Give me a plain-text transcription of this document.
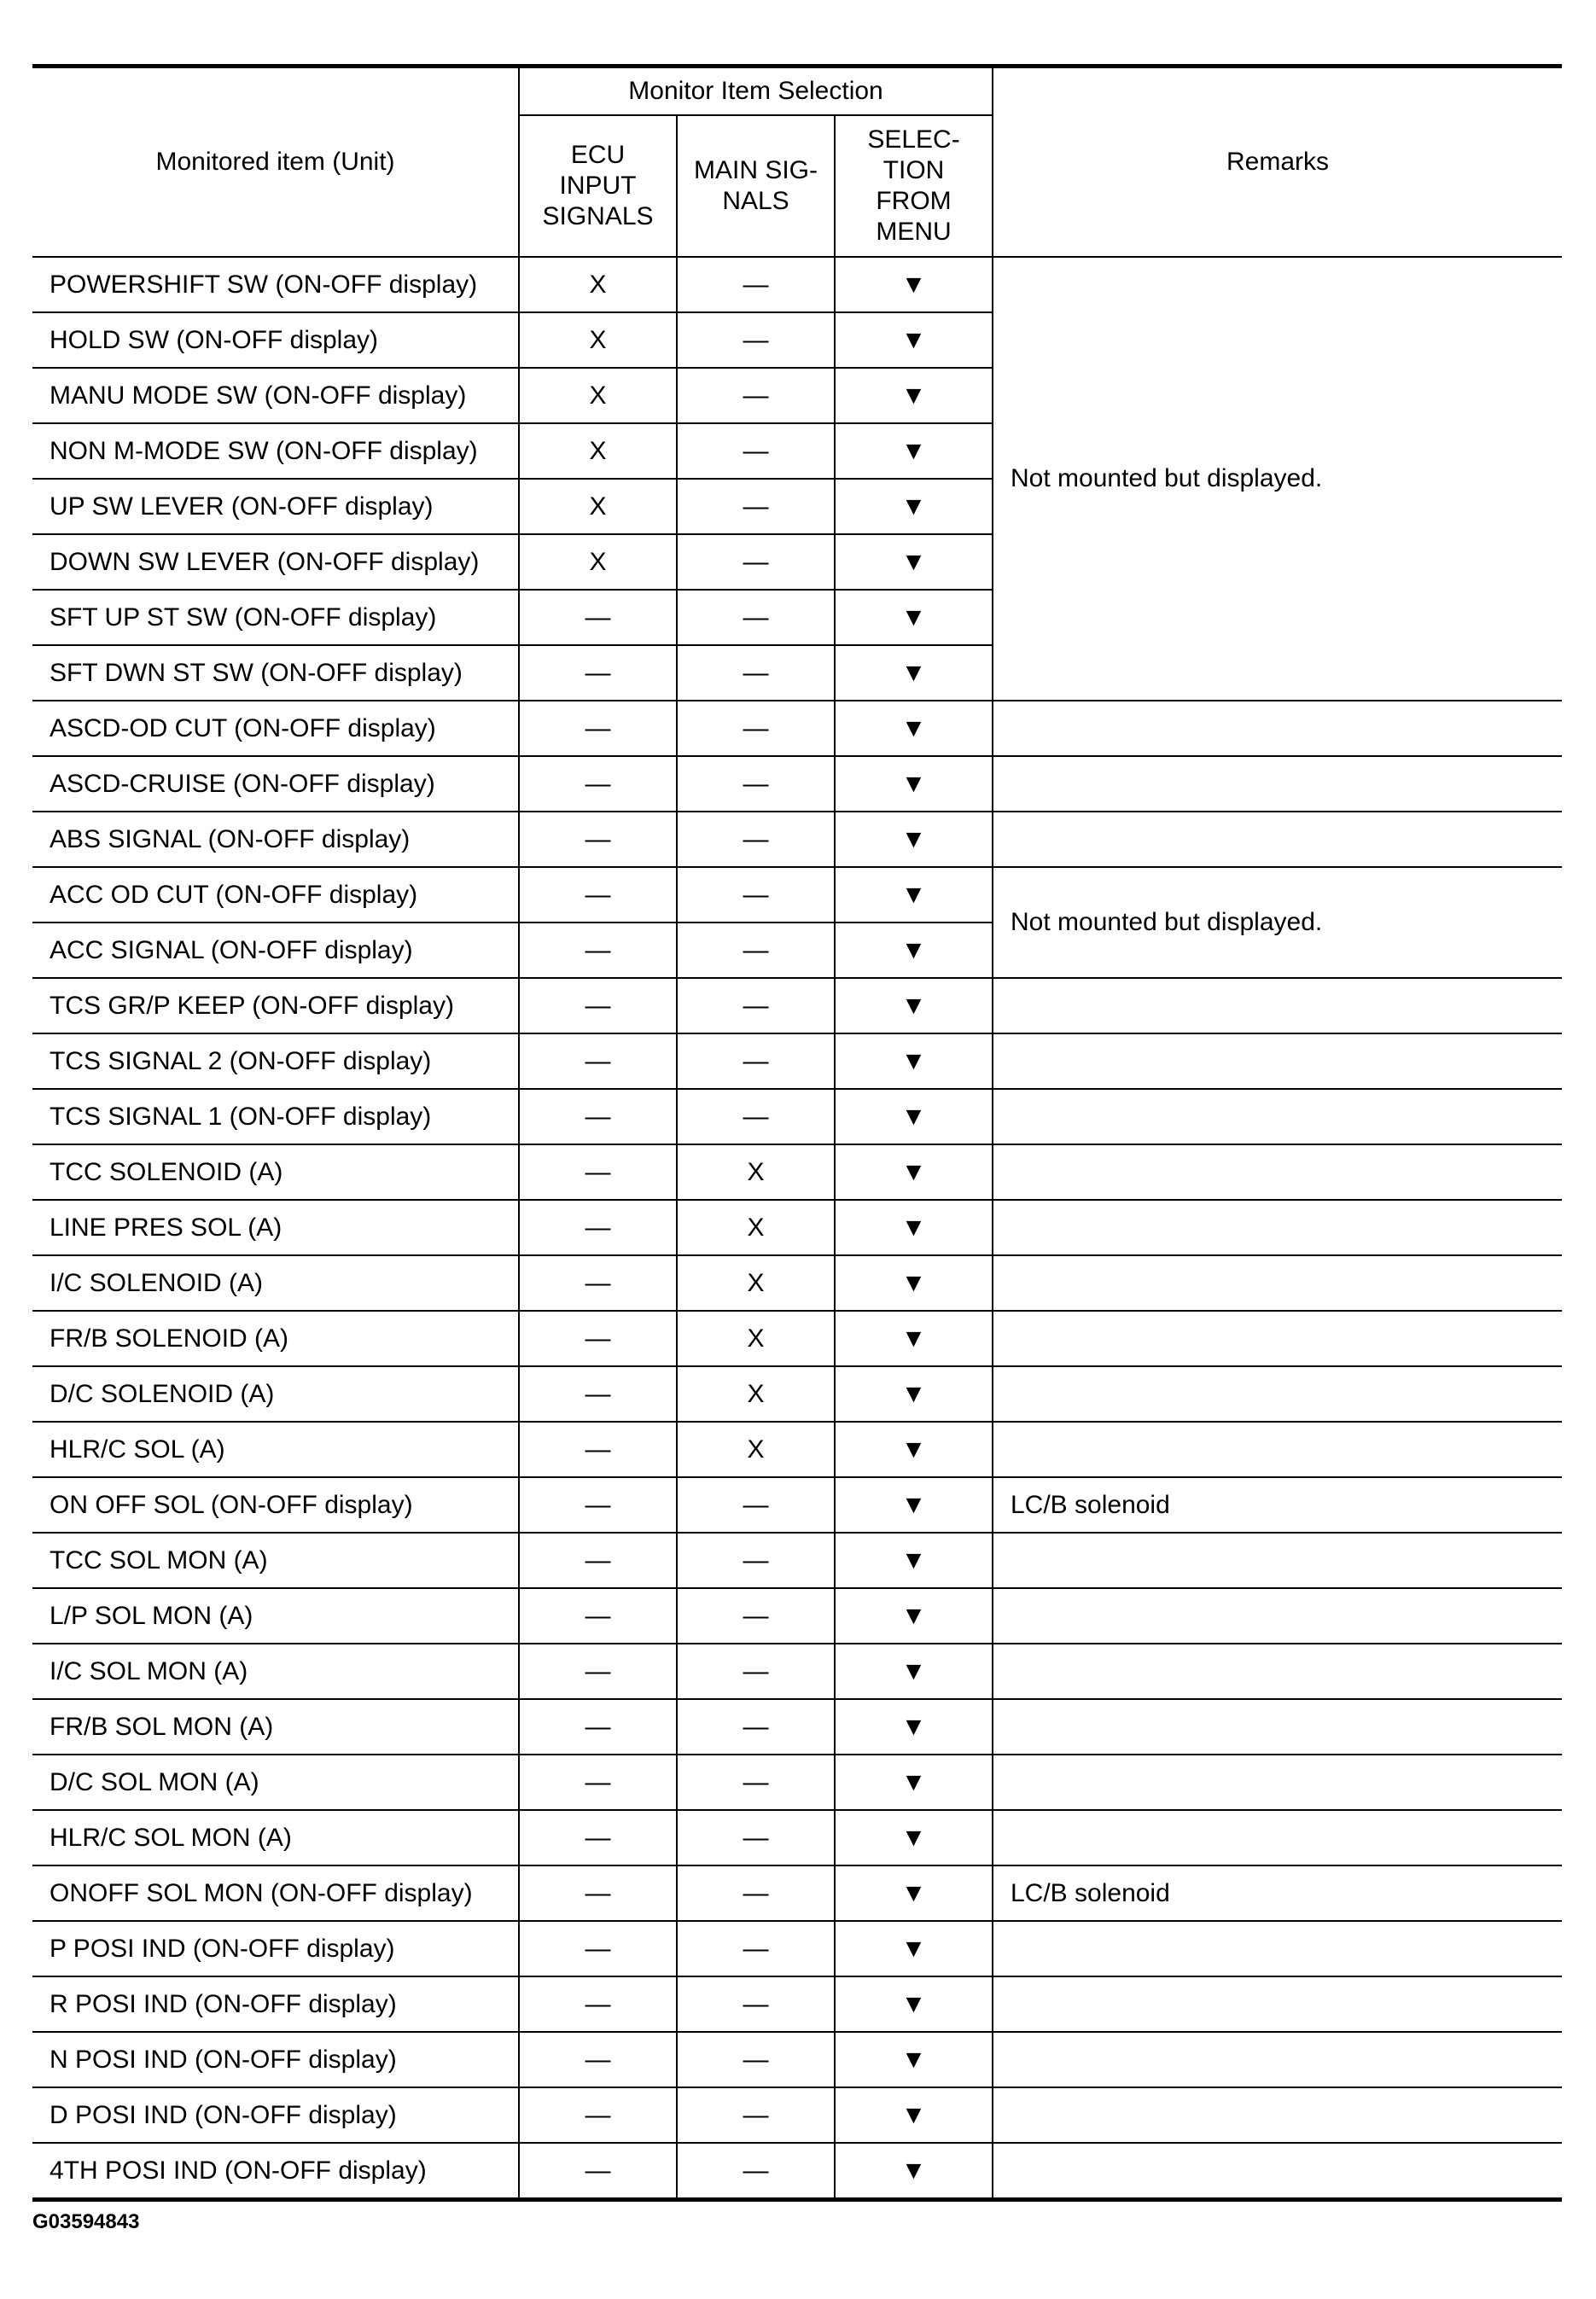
Monitored item (Unit)	Monitor Item Selection			Remarks
	ECU
INPUT
SIGNALS	MAIN SIG-
NALS	SELEC-
TION
FROM
MENU	
POWERSHIFT SW (ON-OFF display)	X	—	▼	Not mounted but displayed.
HOLD SW (ON-OFF display)	X	—	▼	
MANU MODE SW (ON-OFF display)	X	—	▼	
NON M-MODE SW (ON-OFF display)	X	—	▼	
UP SW LEVER (ON-OFF display)	X	—	▼	
DOWN SW LEVER (ON-OFF display)	X	—	▼	
SFT UP ST SW (ON-OFF display)	—	—	▼	
SFT DWN ST SW (ON-OFF display)	—	—	▼	
ASCD-OD CUT (ON-OFF display)	—	—	▼	
ASCD-CRUISE (ON-OFF display)	—	—	▼	
ABS SIGNAL (ON-OFF display)	—	—	▼	
ACC OD CUT (ON-OFF display)	—	—	▼	Not mounted but displayed.
ACC SIGNAL (ON-OFF display)	—	—	▼	
TCS GR/P KEEP (ON-OFF display)	—	—	▼	
TCS SIGNAL 2 (ON-OFF display)	—	—	▼	
TCS SIGNAL 1 (ON-OFF display)	—	—	▼	
TCC SOLENOID (A)	—	X	▼	
LINE PRES SOL (A)	—	X	▼	
I/C SOLENOID (A)	—	X	▼	
FR/B SOLENOID (A)	—	X	▼	
D/C SOLENOID (A)	—	X	▼	
HLR/C SOL (A)	—	X	▼	
ON OFF SOL (ON-OFF display)	—	—	▼	LC/B solenoid
TCC SOL MON (A)	—	—	▼	
L/P SOL MON (A)	—	—	▼	
I/C SOL MON (A)	—	—	▼	
FR/B SOL MON (A)	—	—	▼	
D/C SOL MON (A)	—	—	▼	
HLR/C SOL MON (A)	—	—	▼	
ONOFF SOL MON (ON-OFF display)	—	—	▼	LC/B solenoid
P POSI IND (ON-OFF display)	—	—	▼	
R POSI IND (ON-OFF display)	—	—	▼	
N POSI IND (ON-OFF display)	—	—	▼	
D POSI IND (ON-OFF display)	—	—	▼	
4TH POSI IND (ON-OFF display)	—	—	▼	
G03594843
